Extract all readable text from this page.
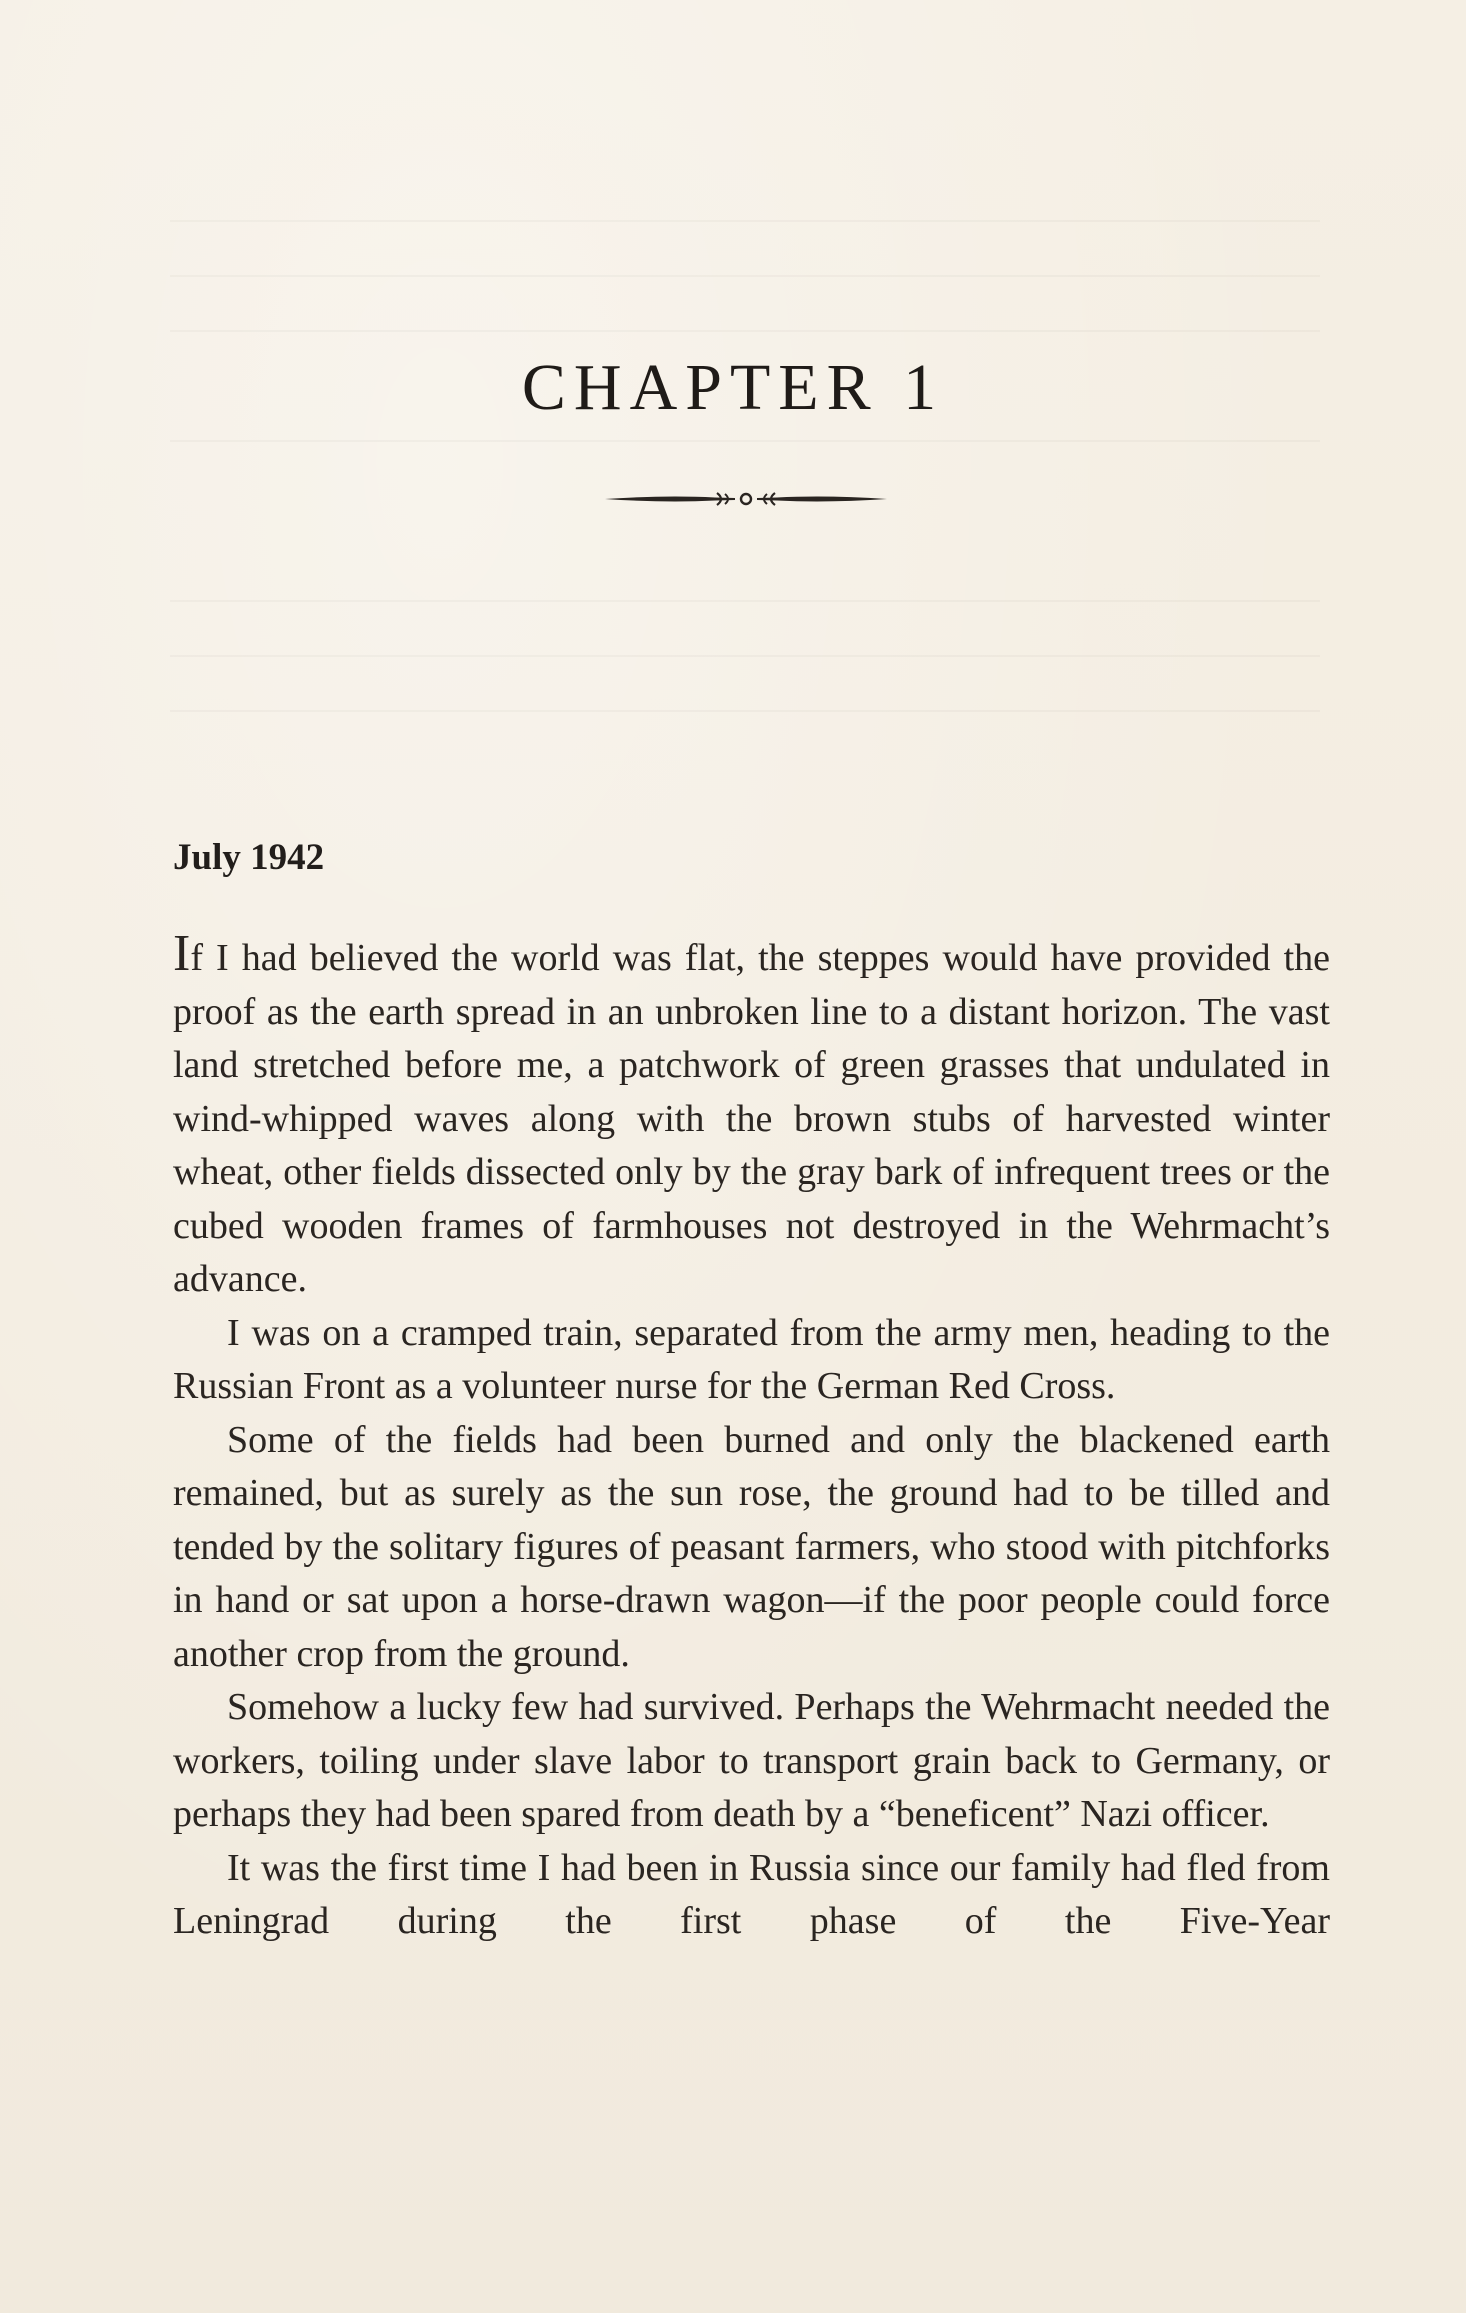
CHAPTER 1
July 1942

If I had believed the world was flat, the steppes would have provided the proof as the earth spread in an unbroken line to a distant horizon. The vast land stretched before me, a patchwork of green grasses that undulated in wind-whipped waves along with the brown stubs of harvested winter wheat, other fields dissected only by the gray bark of infrequent trees or the cubed wooden frames of farmhouses not destroyed in the Wehrmacht’s advance.

I was on a cramped train, separated from the army men, heading to the Russian Front as a volunteer nurse for the German Red Cross.

Some of the fields had been burned and only the blackened earth remained, but as surely as the sun rose, the ground had to be tilled and tended by the solitary figures of peasant farmers, who stood with pitchforks in hand or sat upon a horse-drawn wagon—if the poor people could force another crop from the ground.

Somehow a lucky few had survived. Perhaps the Wehrmacht needed the workers, toiling under slave labor to transport grain back to Germany, or perhaps they had been spared from death by a “beneficent” Nazi officer.

It was the first time I had been in Russia since our family had fled from Leningrad during the first phase of the Five-Year
